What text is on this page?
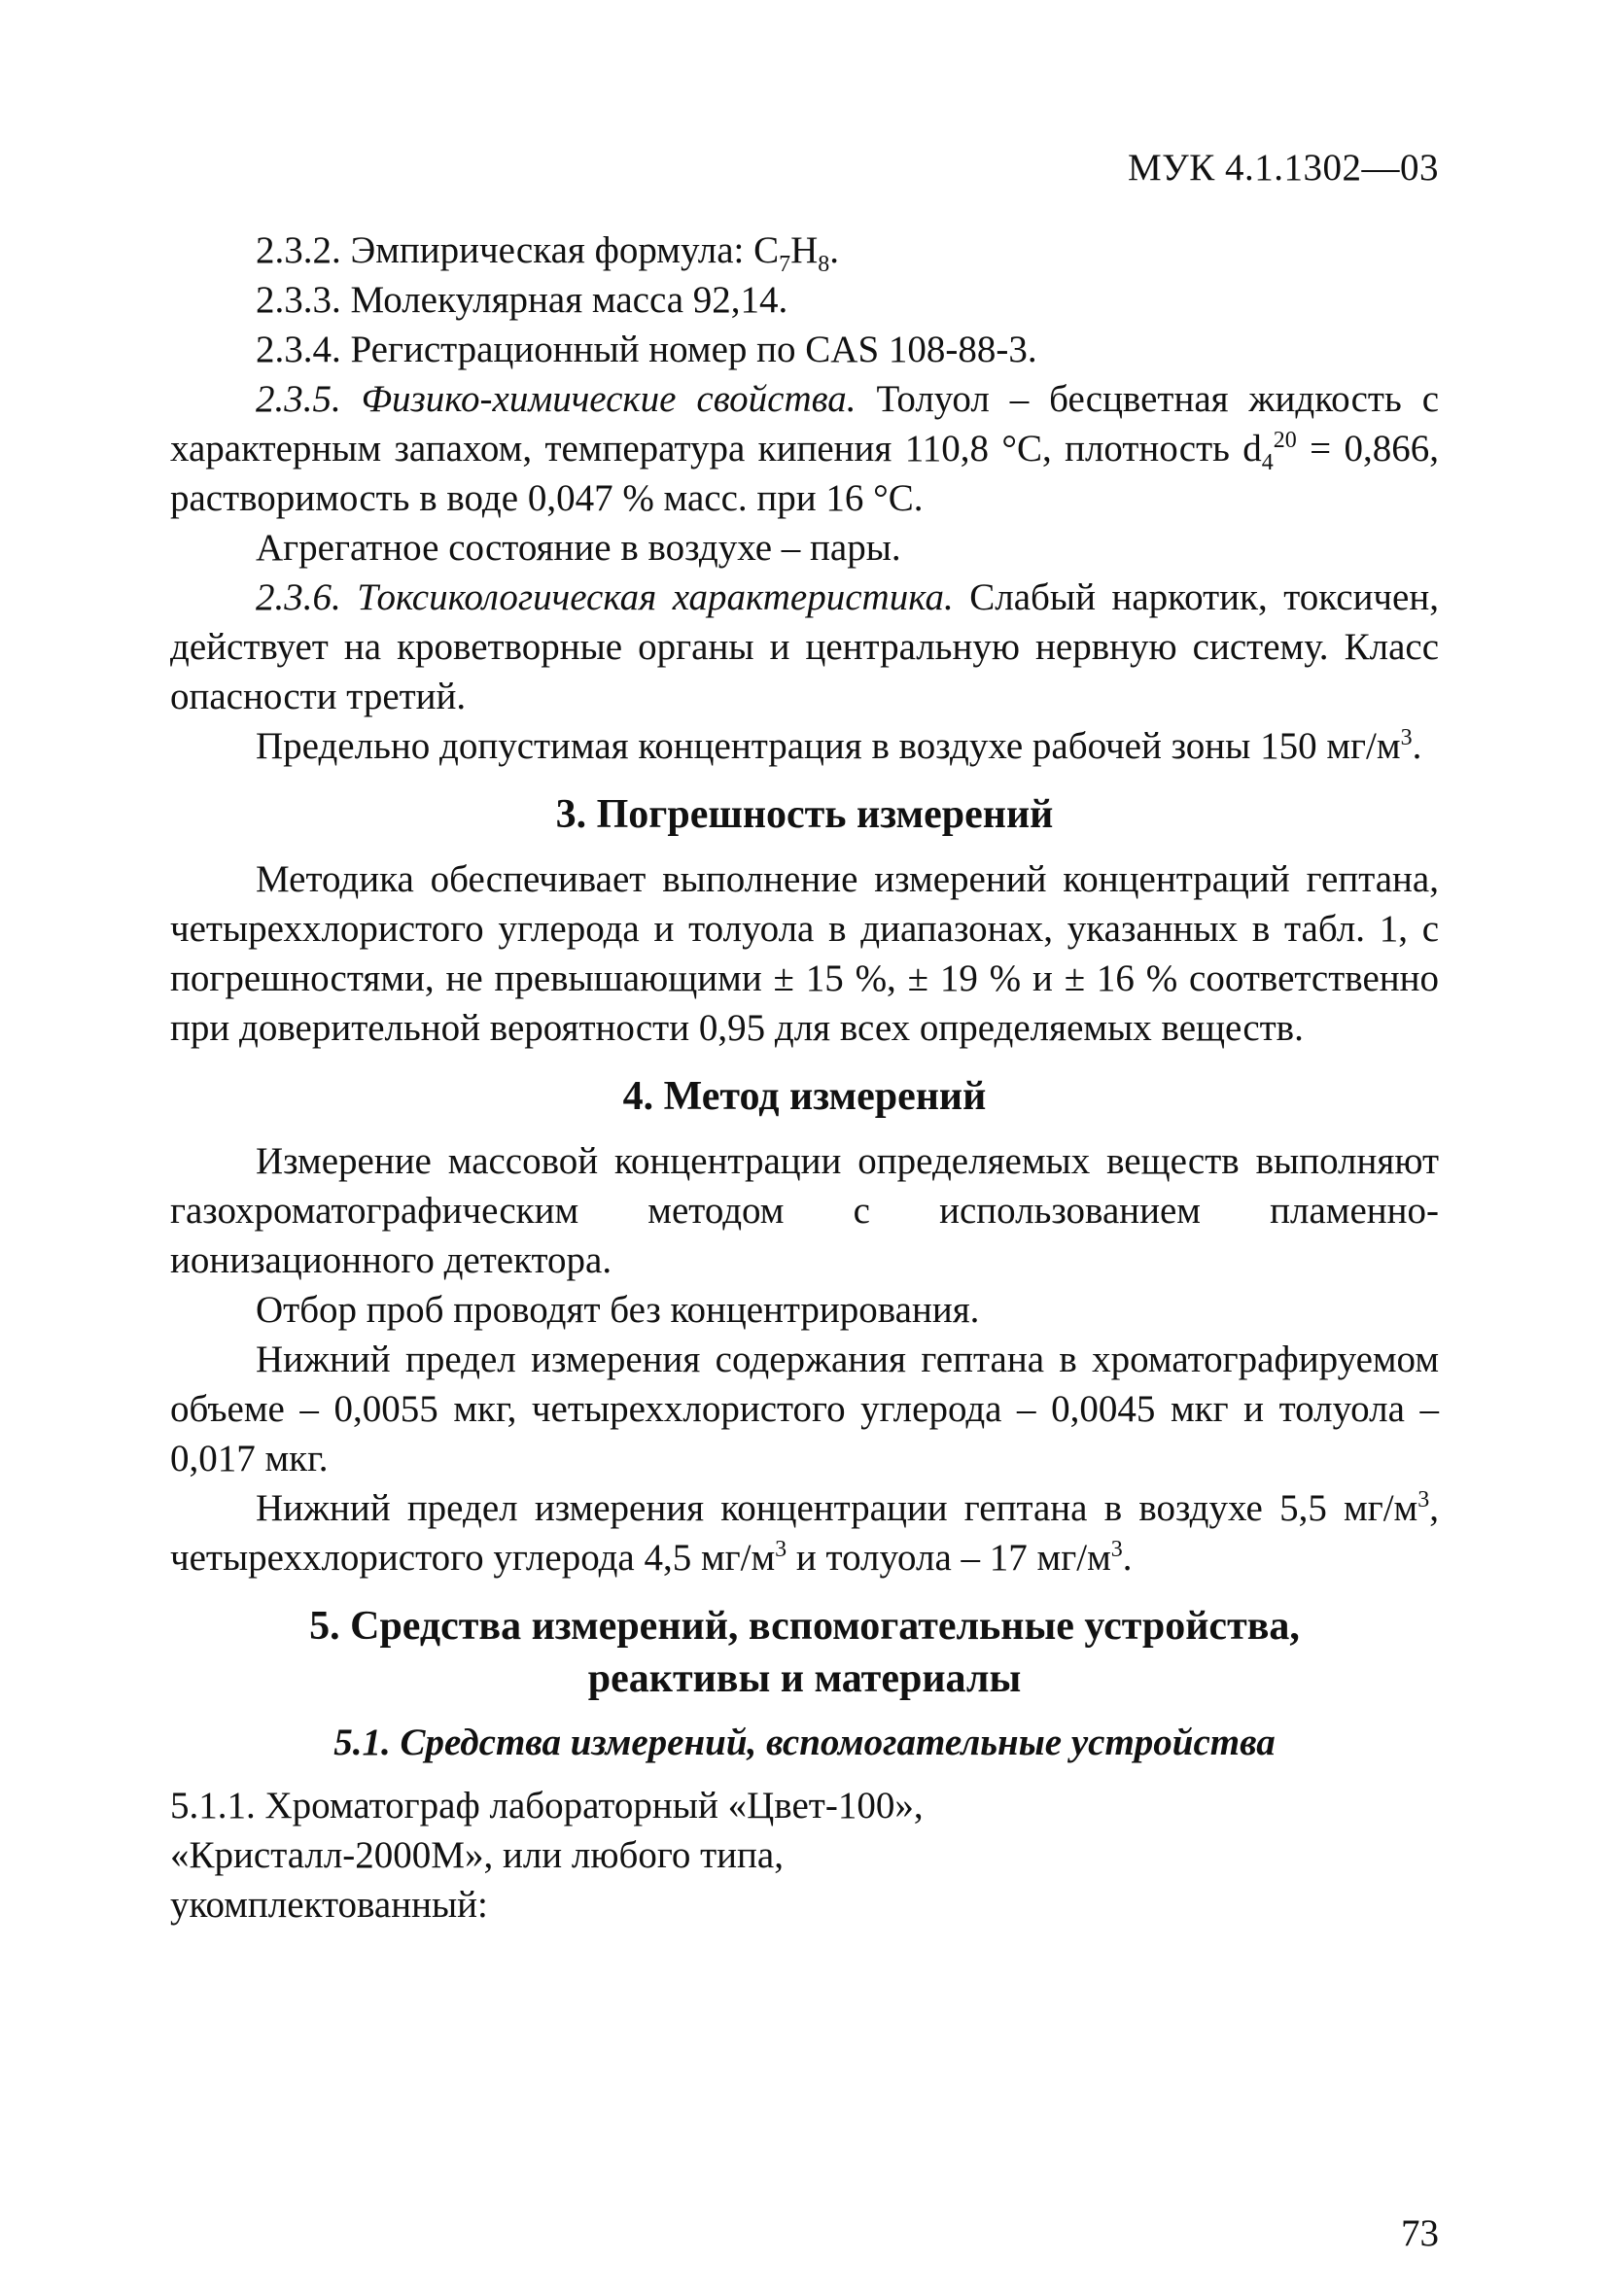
МУК 4.1.1302—03

2.3.2. Эмпирическая формула: $C_7H_8$.

2.3.3. Молекулярная масса 92,14.

2.3.4. Регистрационный номер по CAS 108-88-3.

2.3.5. Физико-химические свойства. Толуол – бесцветная жидкость с характерным запахом, температура кипения 110,8 °С, плотность $d_4^{20} = 0,866$, растворимость в воде 0,047 % масс. при 16 °С.

Агрегатное состояние в воздухе – пары.

2.3.6. Токсикологическая характеристика. Слабый наркотик, токсичен, действует на кроветворные органы и центральную нервную систему. Класс опасности третий.

Предельно допустимая концентрация в воздухе рабочей зоны 150 $мг/м^3$.

3. Погрешность измерений

Методика обеспечивает выполнение измерений концентраций гептана, четыреххлористого углерода и толуола в диапазонах, указанных в табл. 1, с погрешностями, не превышающими ± 15 %, ± 19 % и ± 16 % соответственно при доверительной вероятности 0,95 для всех определяемых веществ.

4. Метод измерений

Измерение массовой концентрации определяемых веществ выполняют газохроматографическим методом с использованием пламенно-ионизационного детектора.

Отбор проб проводят без концентрирования.

Нижний предел измерения содержания гептана в хроматографируемом объеме – 0,0055 мкг, четыреххлористого углерода – 0,0045 мкг и толуола – 0,017 мкг.

Нижний предел измерения концентрации гептана в воздухе 5,5 $мг/м^3$, четыреххлористого углерода 4,5 $мг/м^3$ и толуола – 17 $мг/м^3$.

5. Средства измерений, вспомогательные устройства,
реактивы и материалы
5.1. Средства измерений, вспомогательные устройства

5.1.1. Хроматограф лабораторный «Цвет-100», «Кристалл-2000М», или любого типа, укомплектованный:

73
